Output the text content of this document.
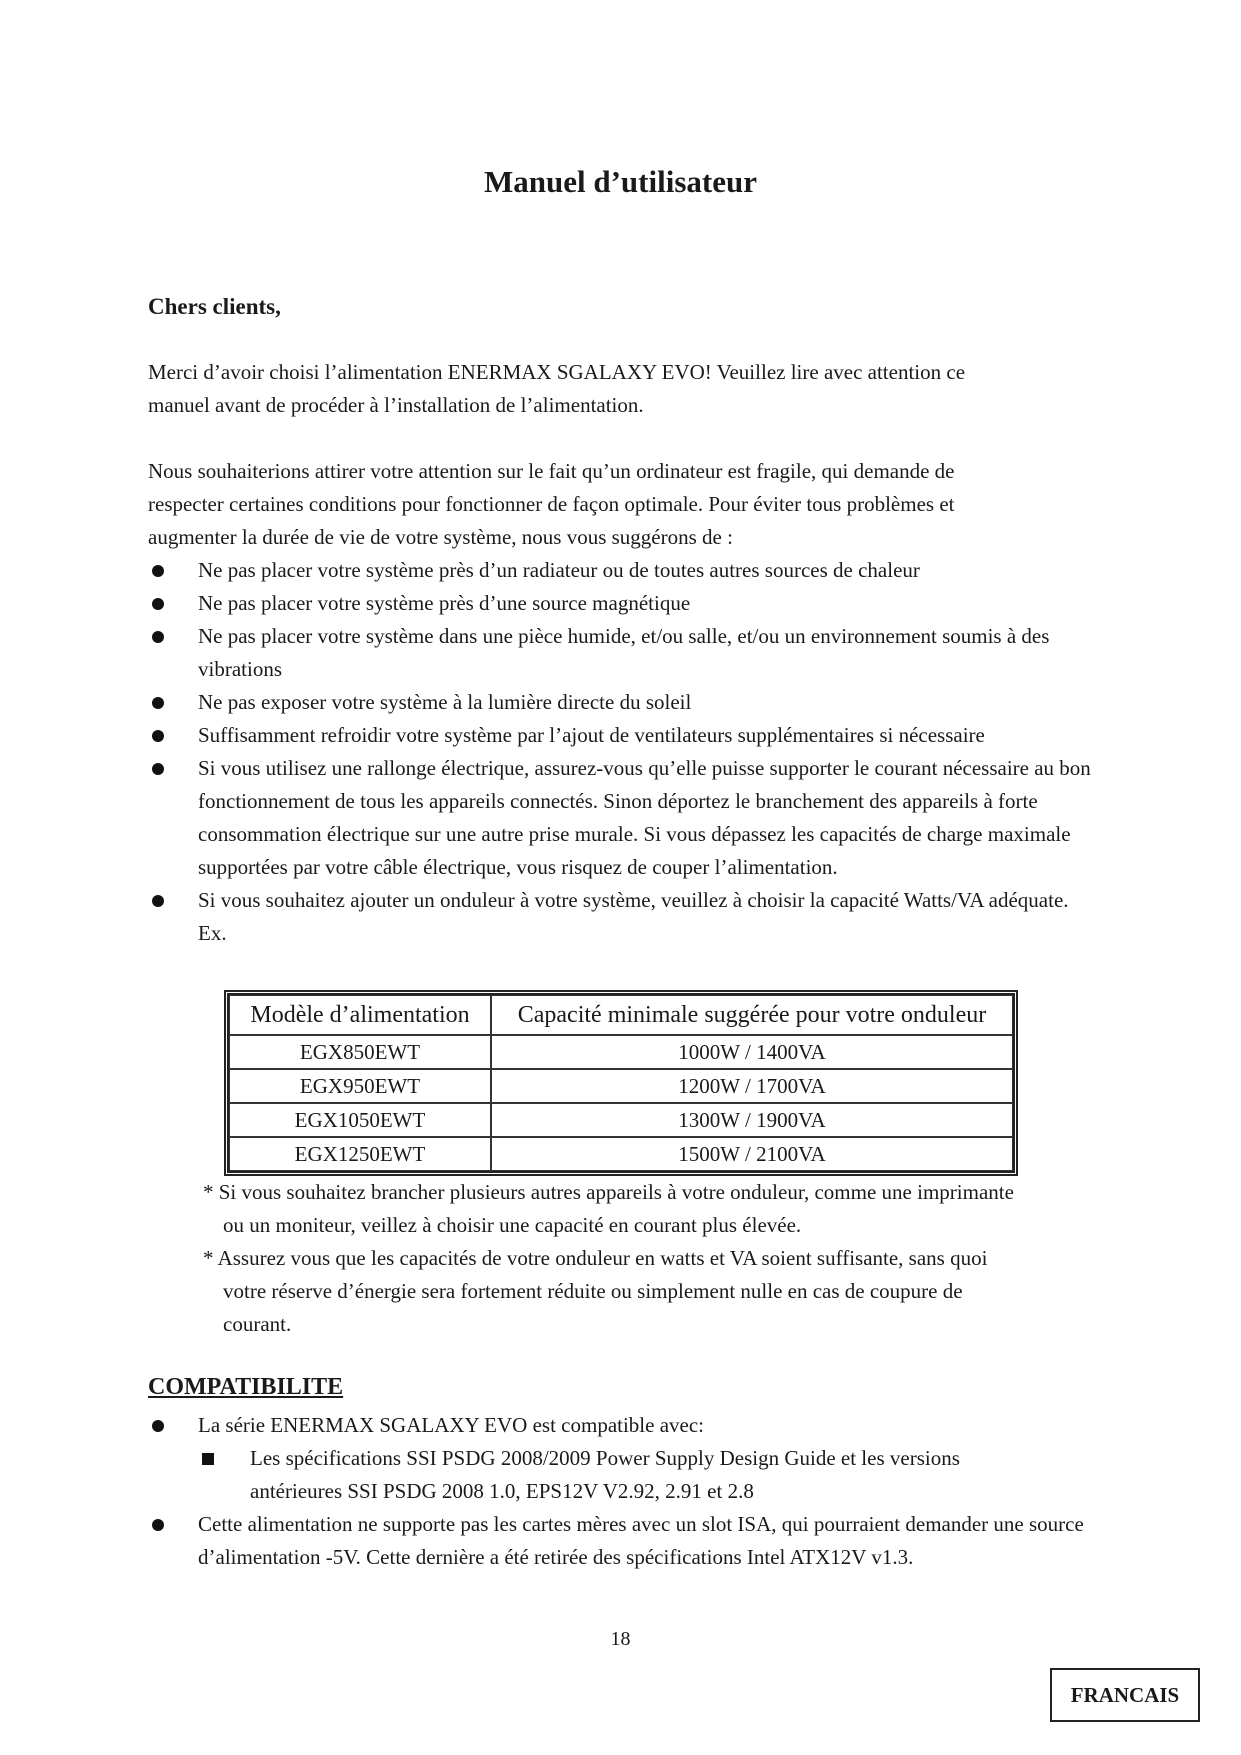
Manuel d’utilisateur
Chers clients,
Merci d’avoir choisi l’alimentation ENERMAX SGALAXY EVO! Veuillez lire avec attention ce
manuel avant de procéder à l’installation de l’alimentation.
Nous souhaiterions attirer votre attention sur le fait qu’un ordinateur est fragile, qui demande de
respecter certaines conditions pour fonctionner de façon optimale. Pour éviter tous problèmes et
augmenter la durée de vie de votre système, nous vous suggérons de :
Ne pas placer votre système près d’un radiateur ou de toutes autres sources de chaleur
Ne pas placer votre système près d’une source magnétique
Ne pas placer votre système dans une pièce humide, et/ou salle, et/ou un environnement soumis à des vibrations
Ne pas exposer votre système à la lumière directe du soleil
Suffisamment refroidir votre système par l’ajout de ventilateurs supplémentaires si nécessaire
Si vous utilisez une rallonge électrique, assurez-vous qu’elle puisse supporter le courant nécessaire au bon fonctionnement de tous les appareils connectés. Sinon déportez le branchement des appareils à forte consommation électrique sur une autre prise murale. Si vous dépassez les capacités de charge maximale supportées par votre câble électrique, vous risquez de couper l’alimentation.
Si vous souhaitez ajouter un onduleur à votre système, veuillez à choisir la capacité Watts/VA adéquate. Ex.
Modèle d’alimentation	Capacité minimale suggérée pour votre onduleur
EGX850EWT	1000W / 1400VA
EGX950EWT	1200W / 1700VA
EGX1050EWT	1300W / 1900VA
EGX1250EWT	1500W / 2100VA
* Si vous souhaitez brancher plusieurs autres appareils à votre onduleur, comme une imprimante
ou un moniteur, veillez à choisir une capacité en courant plus élevée.
* Assurez vous que les capacités de votre onduleur en watts et VA soient suffisante, sans quoi
votre réserve d’énergie sera fortement réduite ou simplement nulle en cas de coupure de courant.
COMPATIBILITE
La série ENERMAX SGALAXY EVO est compatible avec:
Les spécifications SSI PSDG 2008/2009 Power Supply Design Guide et les versions antérieures SSI PSDG 2008 1.0, EPS12V V2.92, 2.91 et 2.8
Cette alimentation ne supporte pas les cartes mères avec un slot ISA, qui pourraient demander une source d’alimentation -5V. Cette dernière a été retirée des spécifications Intel ATX12V v1.3.
18
FRANCAIS
